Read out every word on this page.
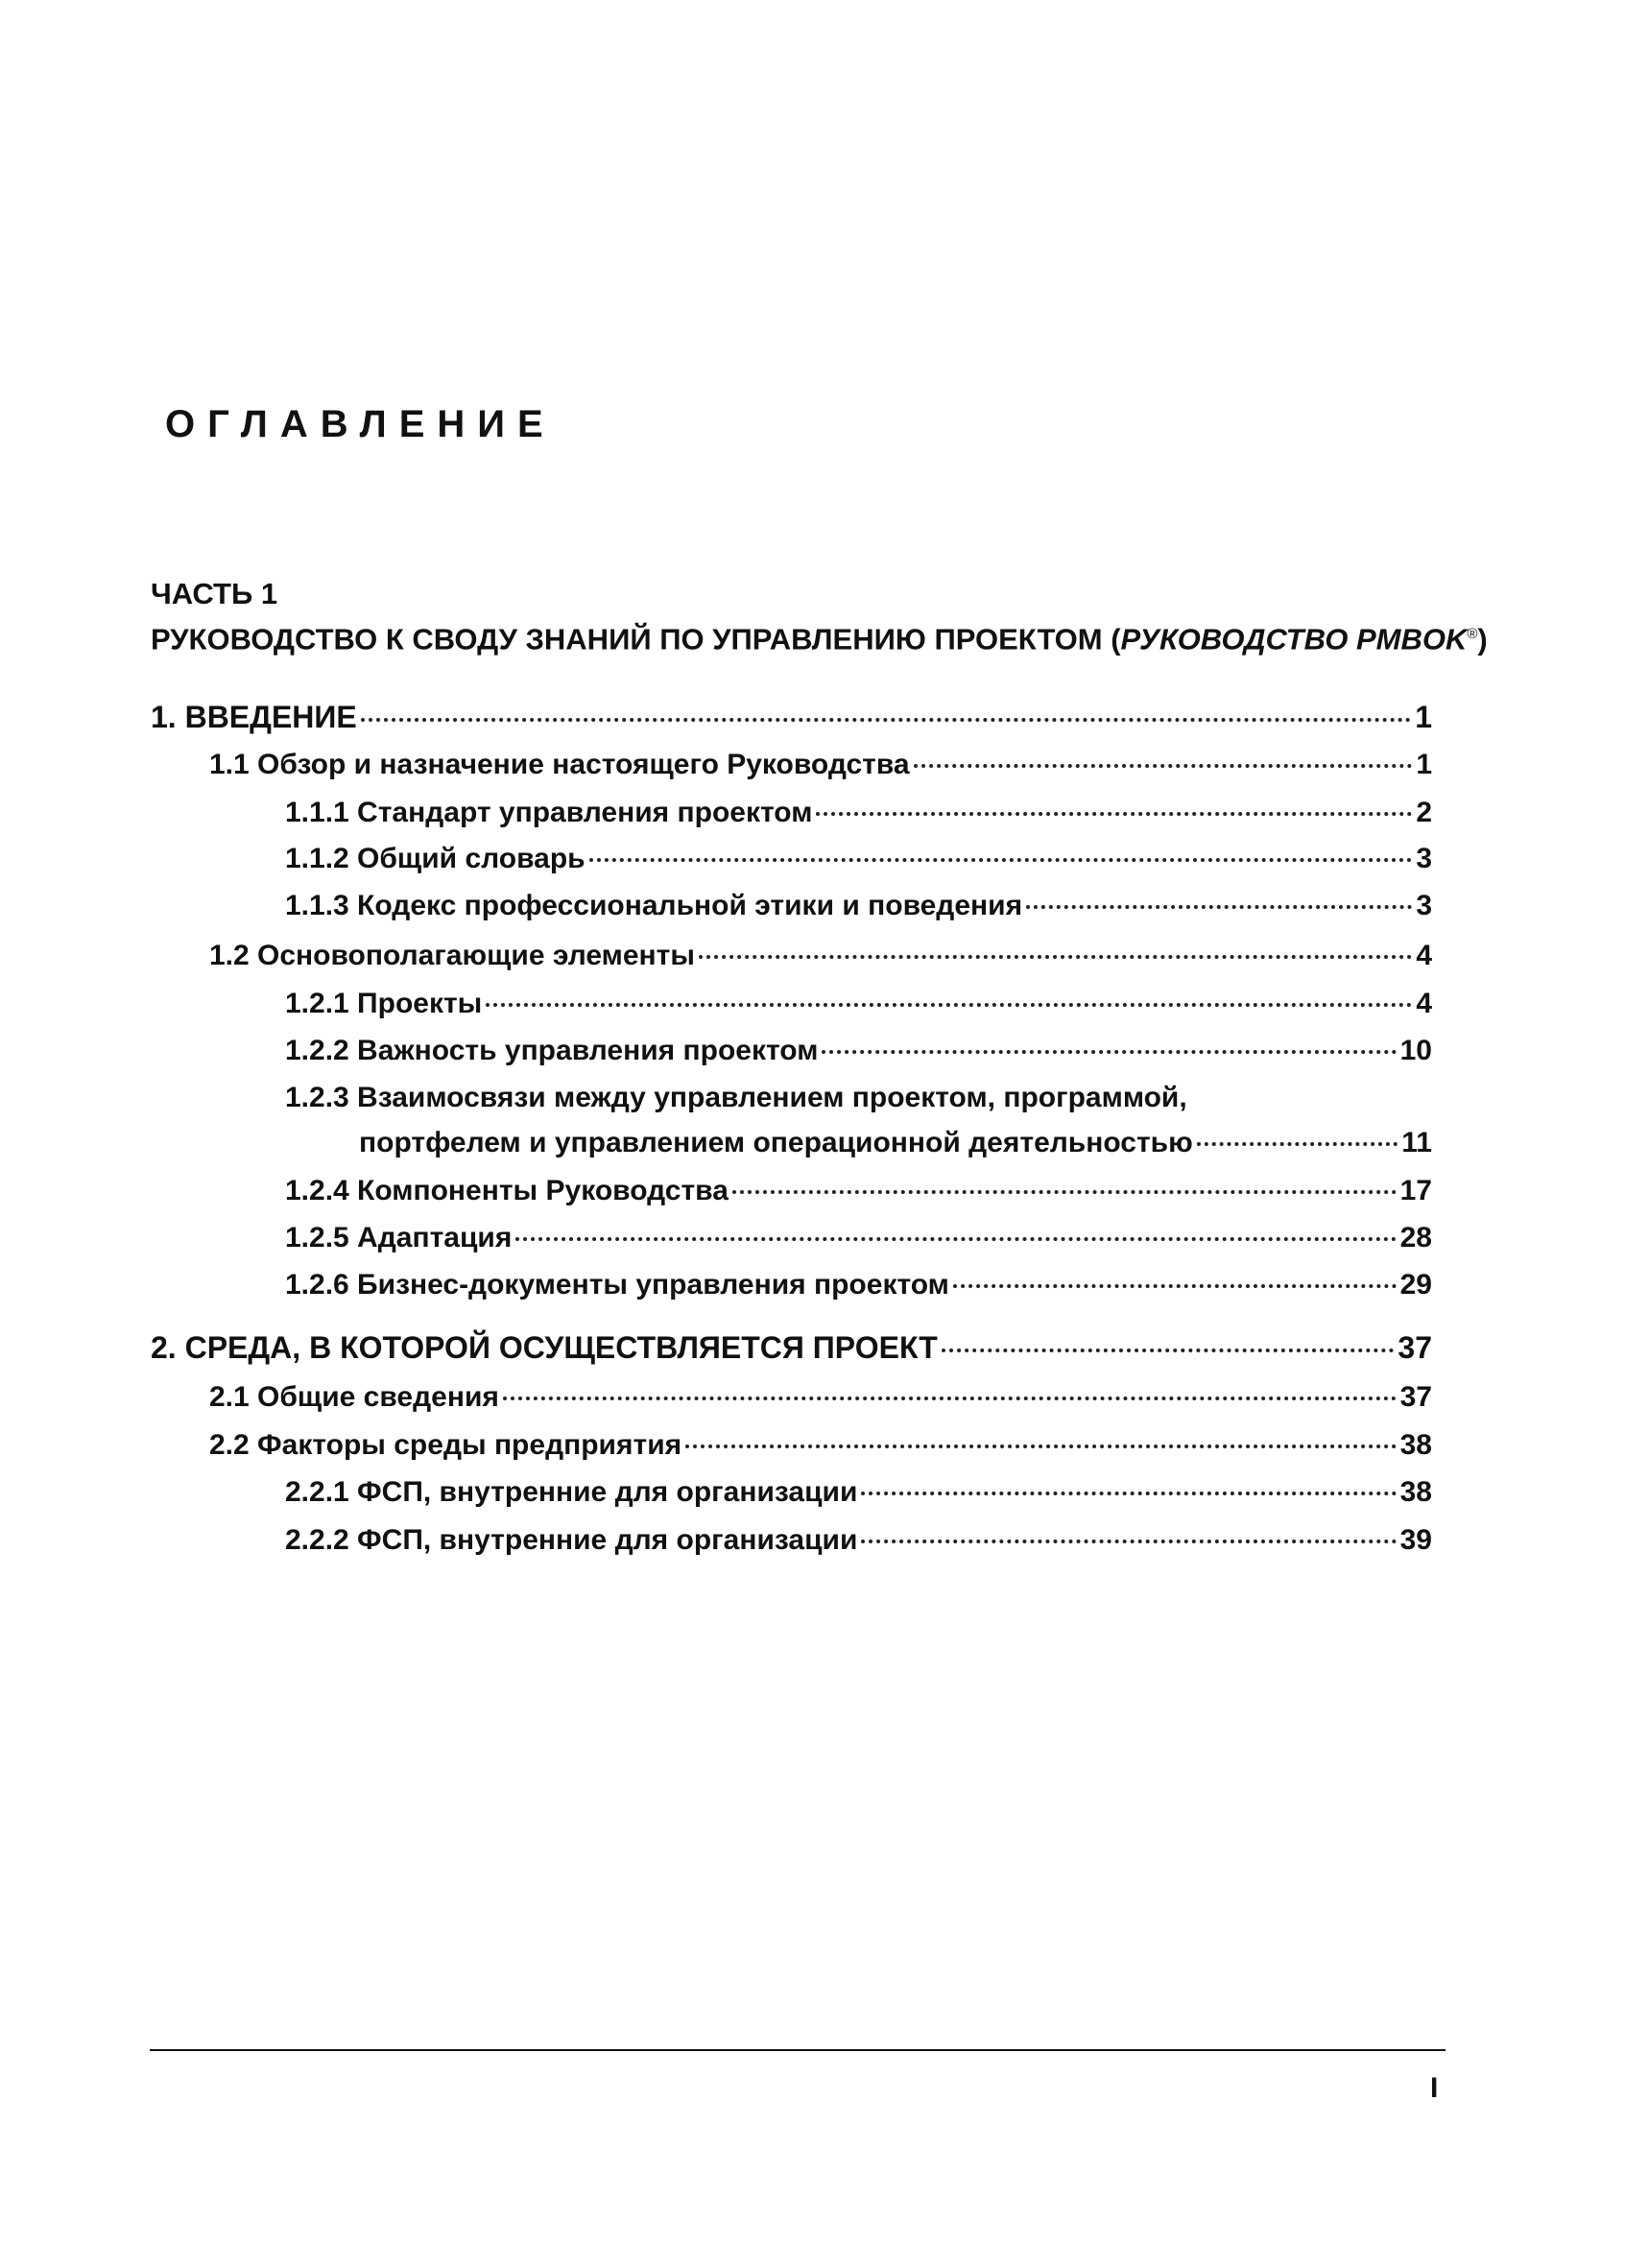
ОГЛАВЛЕНИЕ
ЧАСТЬ 1
РУКОВОДСТВО К СВОДУ ЗНАНИЙ ПО УПРАВЛЕНИЮ ПРОЕКТОМ (РУКОВОДСТВО PMBOK®)
1. ВВЕДЕНИЕ	1
1.1 Обзор и назначение настоящего Руководства	1
1.1.1 Стандарт управления проектом	2
1.1.2 Общий словарь	3
1.1.3 Кодекс профессиональной этики и поведения	3
1.2 Основополагающие элементы	4
1.2.1 Проекты	4
1.2.2 Важность управления проектом	10
1.2.3 Взаимосвязи между управлением проектом, программой,
портфелем и управлением операционной деятельностью	11
1.2.4 Компоненты Руководства	17
1.2.5 Адаптация	28
1.2.6 Бизнес-документы управления проектом	29
2. СРЕДА, В КОТОРОЙ ОСУЩЕСТВЛЯЕТСЯ ПРОЕКТ	37
2.1 Общие сведения	37
2.2 Факторы среды предприятия	38
2.2.1 ФСП, внутренние для организации	38
2.2.2 ФСП, внутренние для организации	39
I
